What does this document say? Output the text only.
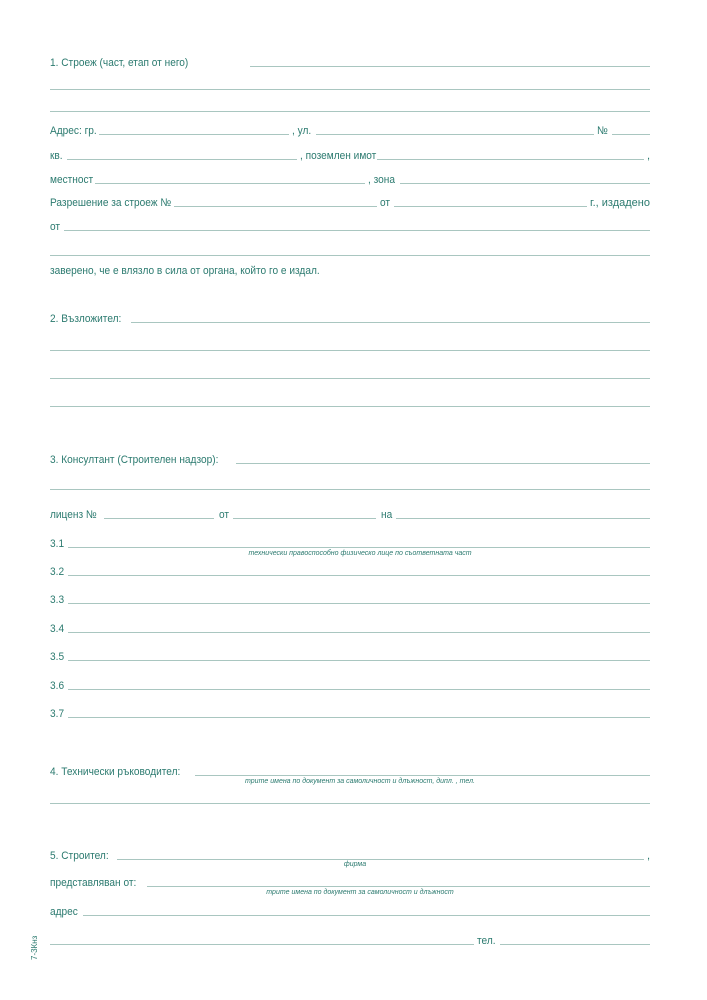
1. Строеж (част, етап от него)
Адрес: гр.	, ул.	№
кв.	, поземлен имот	,
местност	, зона
Разрешение за строеж №	от	г., издадено
от
заверено, че е влязло в сила от органа, който го е издал.
2. Възложител:
3. Консултант (Строителен надзор):
лиценз №	от	на
3.1
технически правоспособно физическо лице по съответната част
3.2
3.3
3.4
3.5
3.6
3.7
4. Технически ръководител:
трите имена по документ за самоличност и длъжност, дипл. , тел.
5. Строител:	,
фирма
представляван от:
трите имена по документ за самоличност и длъжност
адрес
тел.
7-3Кнз
